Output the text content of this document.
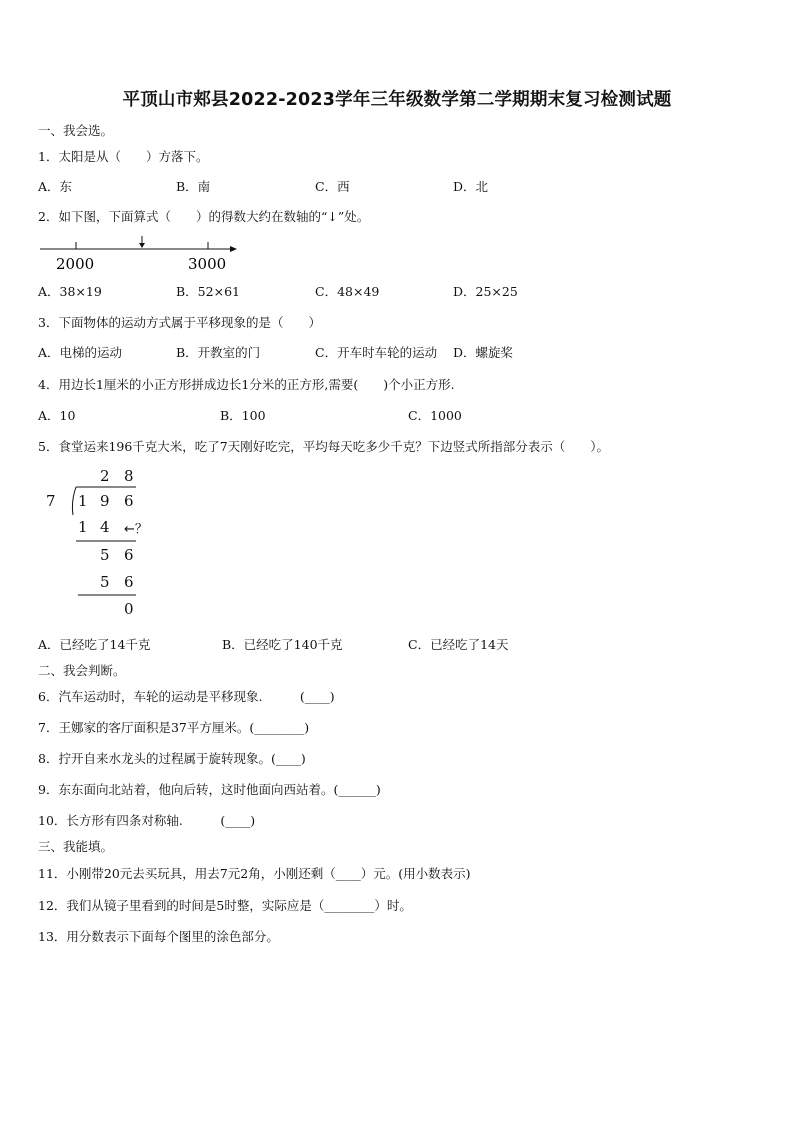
平顶山市郏县2022-2023学年三年级数学第二学期期末复习检测试题
一、我会选。
1．太阳是从（　　）方落下。
A．东	B．南	C．西	D．北
2．如下图，下面算式（　　）的得数大约在数轴的“↓”处。
2000	3000
A．38×19	B．52×61	C．48×49	D．25×25
3．下面物体的运动方式属于平移现象的是（　　）
A．电梯的运动	B．开教室的门	C．开车时车轮的运动 D．螺旋桨
4．用边长1厘米的小正方形拼成边长1分米的正方形,需要(　　)个小正方形.
A．10	B．100	C．1000
5．食堂运来196千克大米，吃了7天刚好吃完，平均每天吃多少千克？下边竖式所指部分表示（　　）。
2 8
7 1 9 6
1 4 ←？
5 6
5 6
0
A．已经吃了14千克	B．已经吃了140千克	C．已经吃了14天
二、我会判断。
6．汽车运动时，车轮的运动是平移现象.　　　(____)
7．王娜家的客厅面积是37平方厘米。(________)
8．拧开自来水龙头的过程属于旋转现象。(____)
9．东东面向北站着，他向后转，这时他面向西站着。(______)
10．长方形有四条对称轴.　　　(____)
三、我能填。
11．小刚带20元去买玩具，用去7元2角，小刚还剩（____）元。(用小数表示)
12．我们从镜子里看到的时间是5时整，实际应是（________）时。
13．用分数表示下面每个图里的涂色部分。
